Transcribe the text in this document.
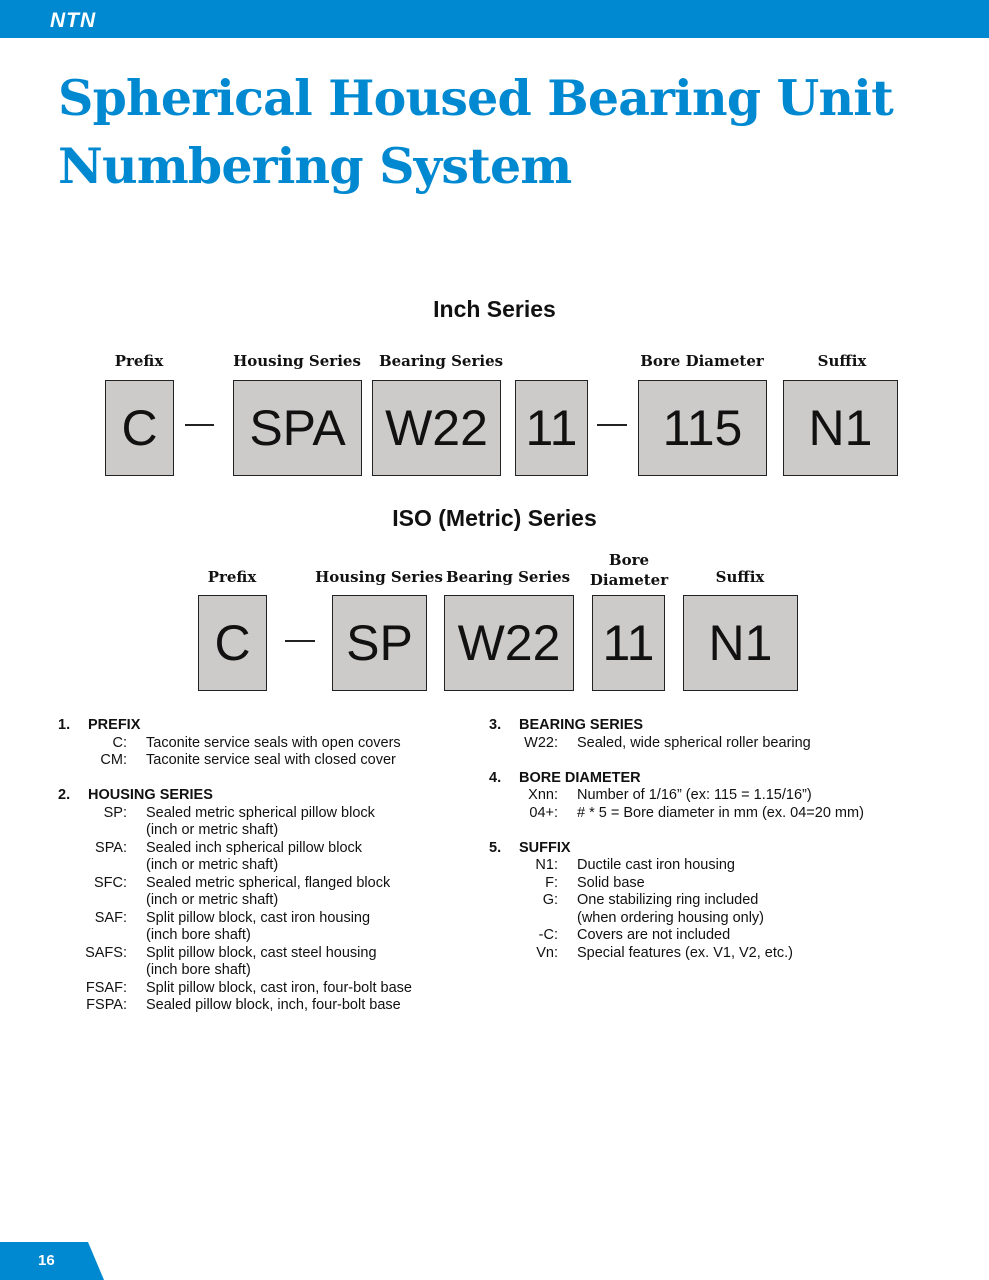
NTN
Spherical Housed Bearing Unit
Numbering System
Inch Series
Prefix	Housing Series Bearing Series	Bore Diameter	Suffix
C	SPA W22 11	115	N1
ISO (Metric) Series
Prefix	Housing Series Bearing Series
Bore
Diameter	Suffix
C	SP W22 11	N1
1.	PREFIX
C:	Taconite service seals with open covers
CM:	Taconite service seal with closed cover
2.	HOUSING SERIES
SP:	Sealed metric spherical pillow block
(inch or metric shaft)
SPA:	Sealed inch spherical pillow block
(inch or metric shaft)
SFC:	Sealed metric spherical, flanged block
(inch or metric shaft)
SAF:	Split pillow block, cast iron housing
(inch bore shaft)
SAFS:	Split pillow block, cast steel housing
(inch bore shaft)
FSAF:	Split pillow block, cast iron, four-bolt base
FSPA:	Sealed pillow block, inch, four-bolt base
3.	BEARING SERIES
W22:	Sealed, wide spherical roller bearing
4.	BORE DIAMETER
Xnn:	Number of 1/16” (ex: 115 = 1.15/16”)
04+:	# * 5 = Bore diameter in mm (ex. 04=20 mm)
5.	SUFFIX
N1:	Ductile cast iron housing
F:	Solid base
G:	One stabilizing ring included
(when ordering housing only)
-C:	Covers are not included
Vn:	Special features (ex. V1, V2, etc.)
16
